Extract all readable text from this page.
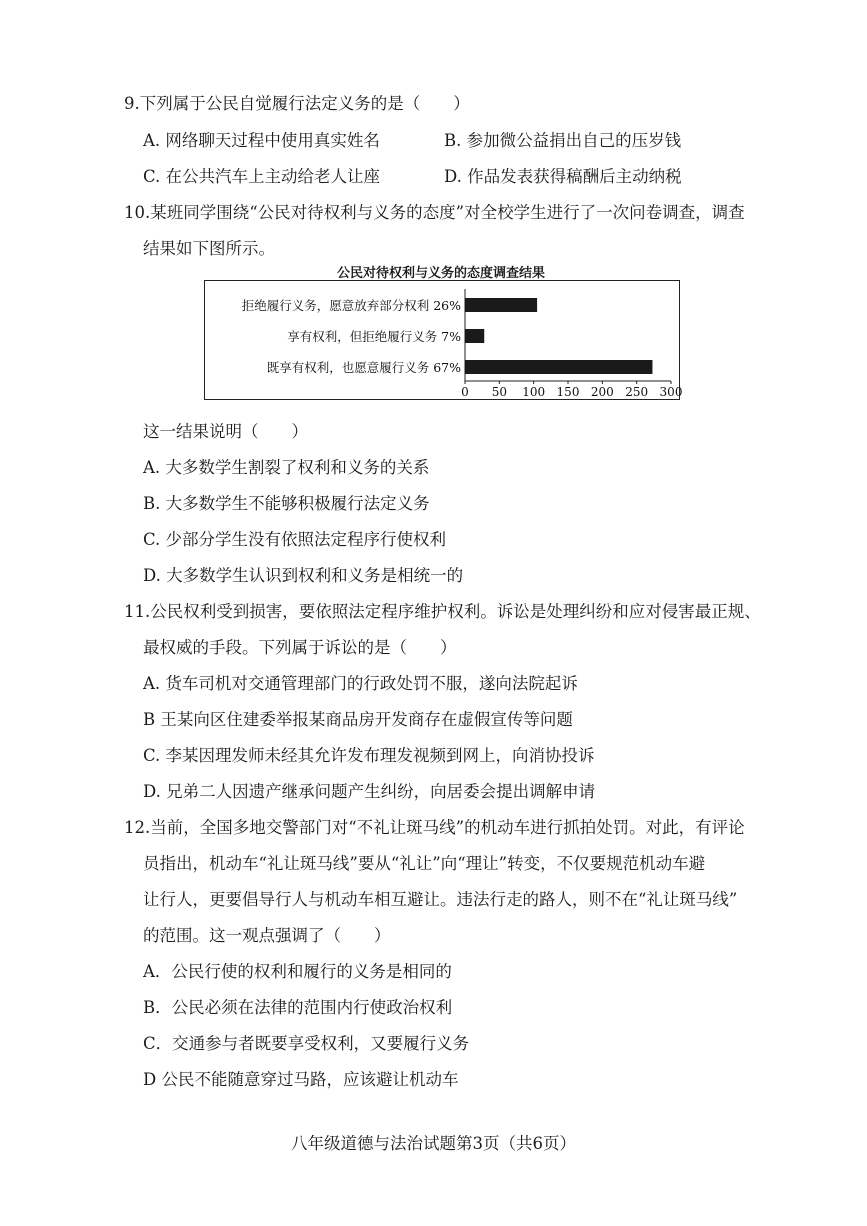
9.下列属于公民自觉履行法定义务的是（　　）
A. 网络聊天过程中使用真实姓名	B. 参加微公益捐出自己的压岁钱
C. 在公共汽车上主动给老人让座	D. 作品发表获得稿酬后主动纳税
10.某班同学围绕“公民对待权利与义务的态度”对全校学生进行了一次问卷调查，调查
结果如下图所示。
公民对待权利与义务的态度调查结果
拒绝履行义务，愿意放弃部分权利 26%
享有权利，但拒绝履行义务 7%
既享有权利，也愿意履行义务 67%
0 50 100 150 200 250 300
这一结果说明（　　）
A. 大多数学生割裂了权利和义务的关系
B. 大多数学生不能够积极履行法定义务
C. 少部分学生没有依照法定程序行使权利
D. 大多数学生认识到权利和义务是相统一的
11.公民权利受到损害，要依照法定程序维护权利。诉讼是处理纠纷和应对侵害最正规、
最权威的手段。下列属于诉讼的是（　　）
A. 货车司机对交通管理部门的行政处罚不服，遂向法院起诉
B 王某向区住建委举报某商品房开发商存在虚假宣传等问题
C. 李某因理发师未经其允许发布理发视频到网上，向消协投诉
D. 兄弟二人因遗产继承问题产生纠纷，向居委会提出调解申请
12.当前，全国多地交警部门对“不礼让斑马线”的机动车进行抓拍处罚。对此，有评论
员指出，机动车“礼让斑马线”要从“礼让”向“理让”转变，不仅要规范机动车避
让行人，更要倡导行人与机动车相互避让。违法行走的路人，则不在“礼让斑马线”
的范围。这一观点强调了（　　）
A．公民行使的权利和履行的义务是相同的
B．公民必须在法律的范围内行使政治权利
C．交通参与者既要享受权利，又要履行义务
D 公民不能随意穿过马路，应该避让机动车
八年级道德与法治试题第3页（共6页）
